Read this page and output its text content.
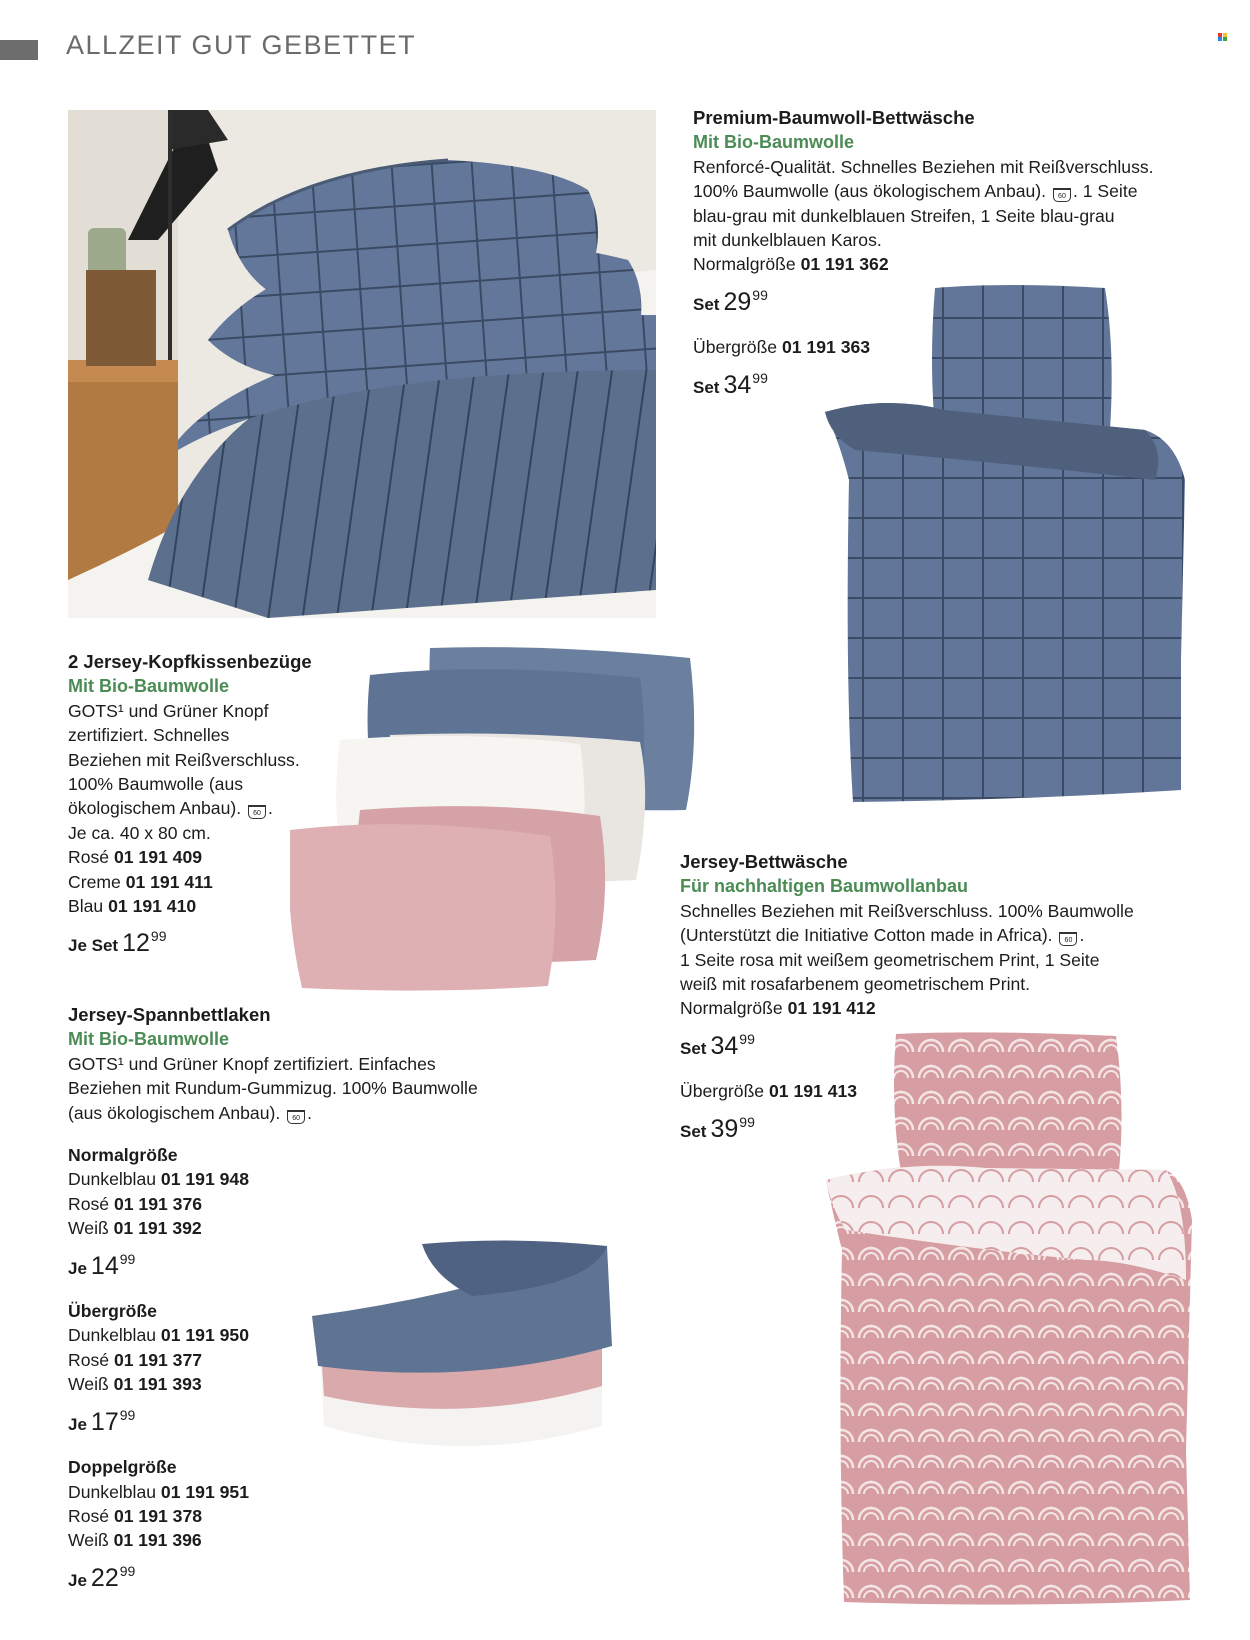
ALLZEIT GUT GEBETTET
Premium-Baumwoll-Bettwäsche
Mit Bio-Baumwolle
Renforcé-Qualität. Schnelles Beziehen mit Reißverschluss.
100% Baumwolle (aus ökologischem Anbau). 60 . 1 Seite
blau-grau mit dunkelblauen Streifen, 1 Seite blau-grau
mit dunkelblauen Karos.
Normalgröße 01 191 362
Set $29^{99}$
Übergröße 01 191 363
Set $34^{99}$
2 Jersey-Kopfkissenbezüge
Mit Bio-Baumwolle
GOTS¹ und Grüner Knopf
zertifiziert. Schnelles
Beziehen mit Reißverschluss.
100% Baumwolle (aus
ökologischem Anbau). 60 .
Je ca. 40 x 80 cm.
Rosé 01 191 409
Creme 01 191 411
Blau 01 191 410
Je Set $12^{99}$
Jersey-Bettwäsche
Für nachhaltigen Baumwollanbau
Schnelles Beziehen mit Reißverschluss. 100% Baumwolle
(Unterstützt die Initiative Cotton made in Africa). 60 .
1 Seite rosa mit weißem geometrischem Print, 1 Seite
weiß mit rosafarbenem geometrischem Print.
Normalgröße 01 191 412
Set $34^{99}$
Übergröße 01 191 413
Set $39^{99}$
Jersey-Spannbettlaken
Mit Bio-Baumwolle
GOTS¹ und Grüner Knopf zertifiziert. Einfaches
Beziehen mit Rundum-Gummizug. 100% Baumwolle
(aus ökologischem Anbau). 60 .
Normalgröße
Dunkelblau 01 191 948
Rosé 01 191 376
Weiß 01 191 392
Je $14^{99}$
Übergröße
Dunkelblau 01 191 950
Rosé 01 191 377
Weiß 01 191 393
Je $17^{99}$
Doppelgröße
Dunkelblau 01 191 951
Rosé 01 191 378
Weiß 01 191 396
Je $22^{99}$
